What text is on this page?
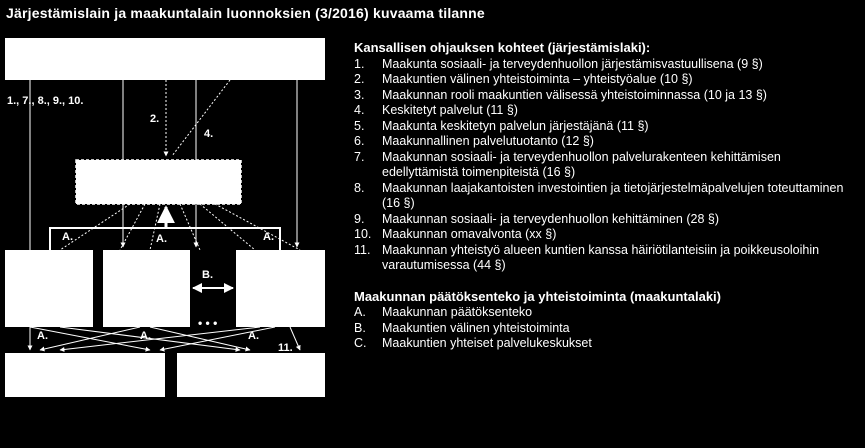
Järjestämislain ja maakuntalain luonnoksien (3/2016) kuvaama tilanne
1., 7., 8., 9., 10.
2.
4.
A.	A.	A.
B.
• • •
A.	A.	A.
11.
Kansallisen ohjauksen kohteet (järjestämislaki):
1.	Maakunta sosiaali- ja terveydenhuollon järjestämisvastuullisena (9 §)
2.	Maakuntien välinen yhteistoiminta – yhteistyöalue (10 §)
3.	Maakunnan rooli maakuntien välisessä yhteistoiminnassa (10 ja 13 §)
4.	Keskitetyt palvelut (11 §)
5.	Maakunta keskitetyn palvelun järjestäjänä (11 §)
6.	Maakunnallinen palvelutuotanto (12 §)
7.	Maakunnan sosiaali- ja terveydenhuollon palvelurakenteen kehittämisen edellyttämistä toimenpiteistä (16 §)
8.	Maakunnan laajakantoisten investointien ja tietojärjestelmäpalvelujen toteuttaminen (16 §)
9.	Maakunnan sosiaali- ja terveydenhuollon kehittäminen (28 §)
10. Maakunnan omavalvonta (xx §)
11. Maakunnan yhteistyö alueen kuntien kanssa häiriötilanteisiin ja poikkeusoloihin varautumisessa (44 §)
Maakunnan päätöksenteko ja yhteistoiminta (maakuntalaki)
A.	Maakunnan päätöksenteko
B.	Maakuntien välinen yhteistoiminta
C.	Maakuntien yhteiset palvelukeskukset
